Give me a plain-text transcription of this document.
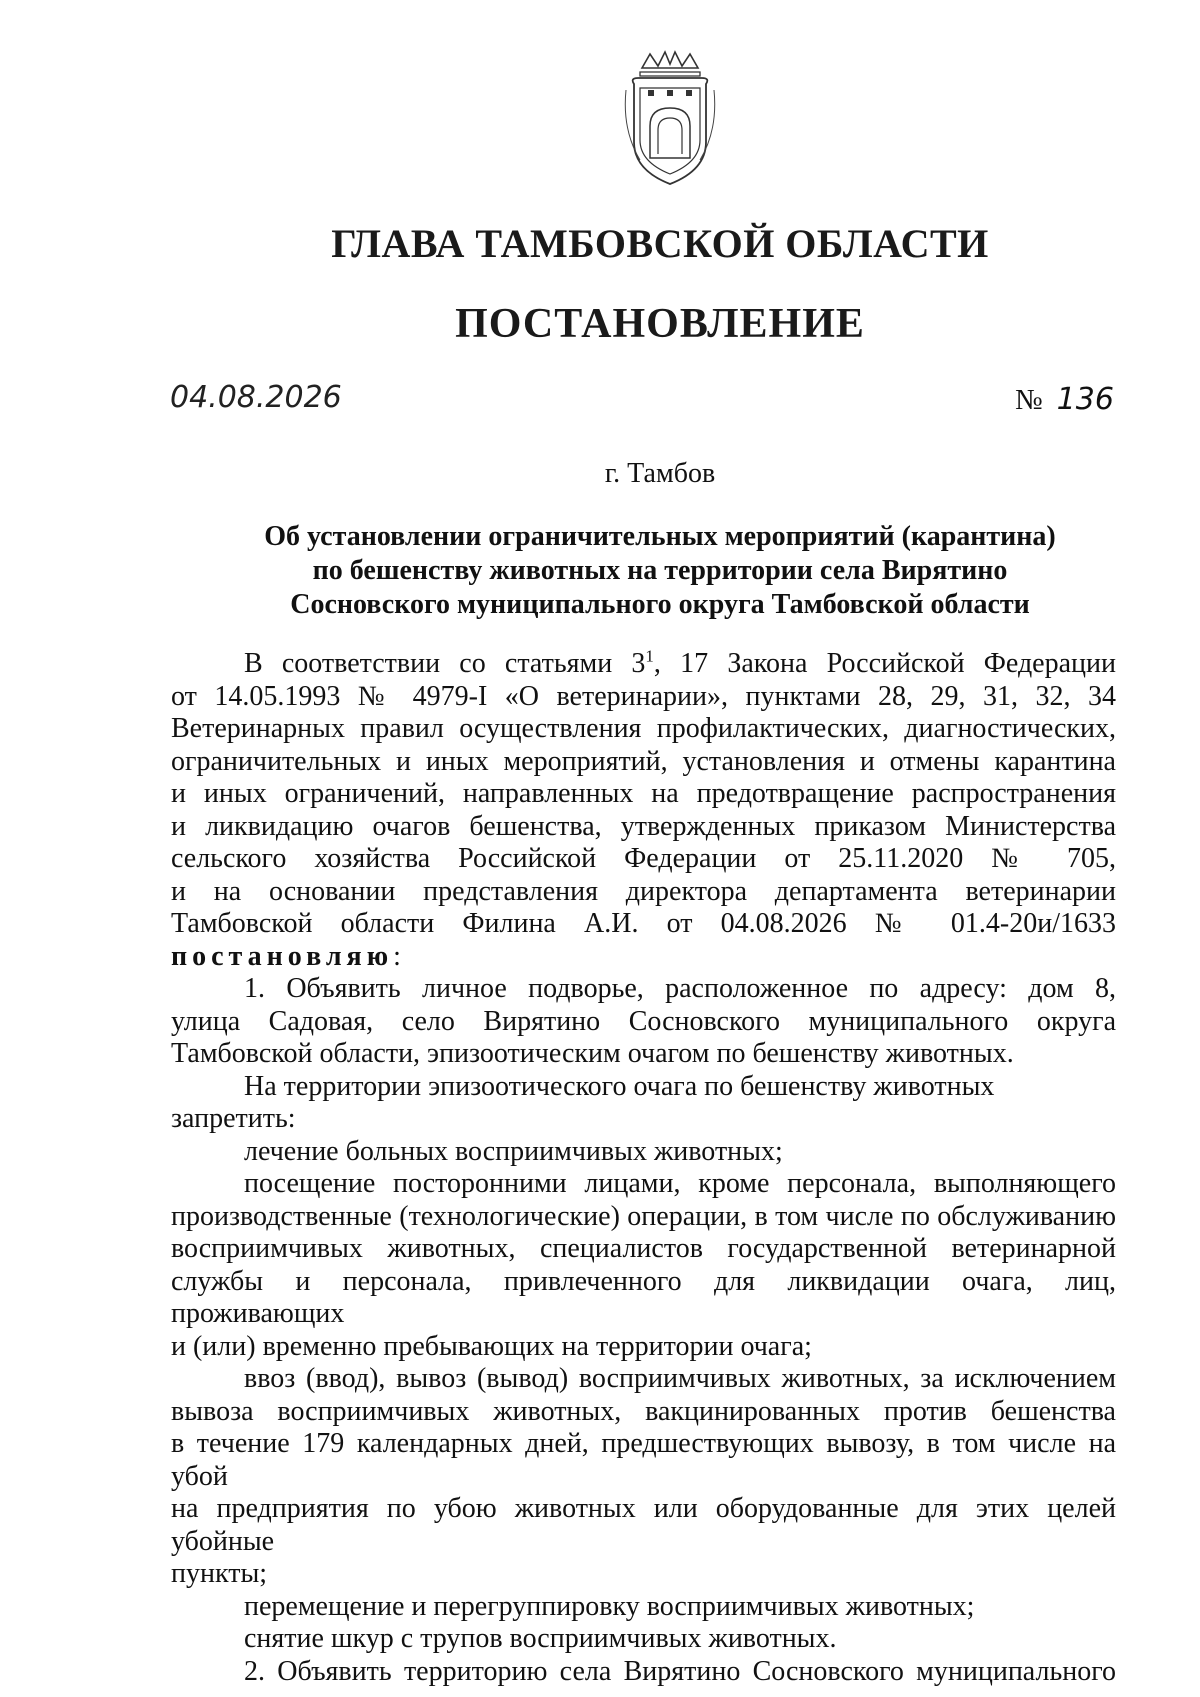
ГЛАВА ТАМБОВСКОЙ ОБЛАСТИ
ПОСТАНОВЛЕНИЕ
04.08.2026	№ 136
г. Тамбов
Об установлении ограничительных мероприятий (карантина)
по бешенству животных на территории села Вирятино
Сосновского муниципального округа Тамбовской области
В соответствии со статьями $3^1$, 17 Закона Российской Федерации
от 14.05.1993 № 4979-I «О ветеринарии», пунктами 28, 29, 31, 32, 34
Ветеринарных правил осуществления профилактических, диагностических,
ограничительных и иных мероприятий, установления и отмены карантина
и иных ограничений, направленных на предотвращение распространения
и ликвидацию очагов бешенства, утвержденных приказом Министерства
сельского хозяйства Российской Федерации от 25.11.2020 № 705,
и на основании представления директора департамента ветеринарии
Тамбовской области Филина А.И. от 04.08.2026 № 01.4-20и/1633
постановляю:
1. Объявить личное подворье, расположенное по адресу: дом 8,
улица Садовая, село Вирятино Сосновского муниципального округа
Тамбовской области, эпизоотическим очагом по бешенству животных.
На территории эпизоотического очага по бешенству животных запретить:
лечение больных восприимчивых животных;
посещение посторонними лицами, кроме персонала, выполняющего
производственные (технологические) операции, в том числе по обслуживанию
восприимчивых животных, специалистов государственной ветеринарной
службы и персонала, привлеченного для ликвидации очага, лиц, проживающих
и (или) временно пребывающих на территории очага;
ввоз (ввод), вывоз (вывод) восприимчивых животных, за исключением
вывоза восприимчивых животных, вакцинированных против бешенства
в течение 179 календарных дней, предшествующих вывозу, в том числе на убой
на предприятия по убою животных или оборудованные для этих целей убойные
пункты;
перемещение и перегруппировку восприимчивых животных;
снятие шкур с трупов восприимчивых животных.
2. Объявить территорию села Вирятино Сосновского муниципального
